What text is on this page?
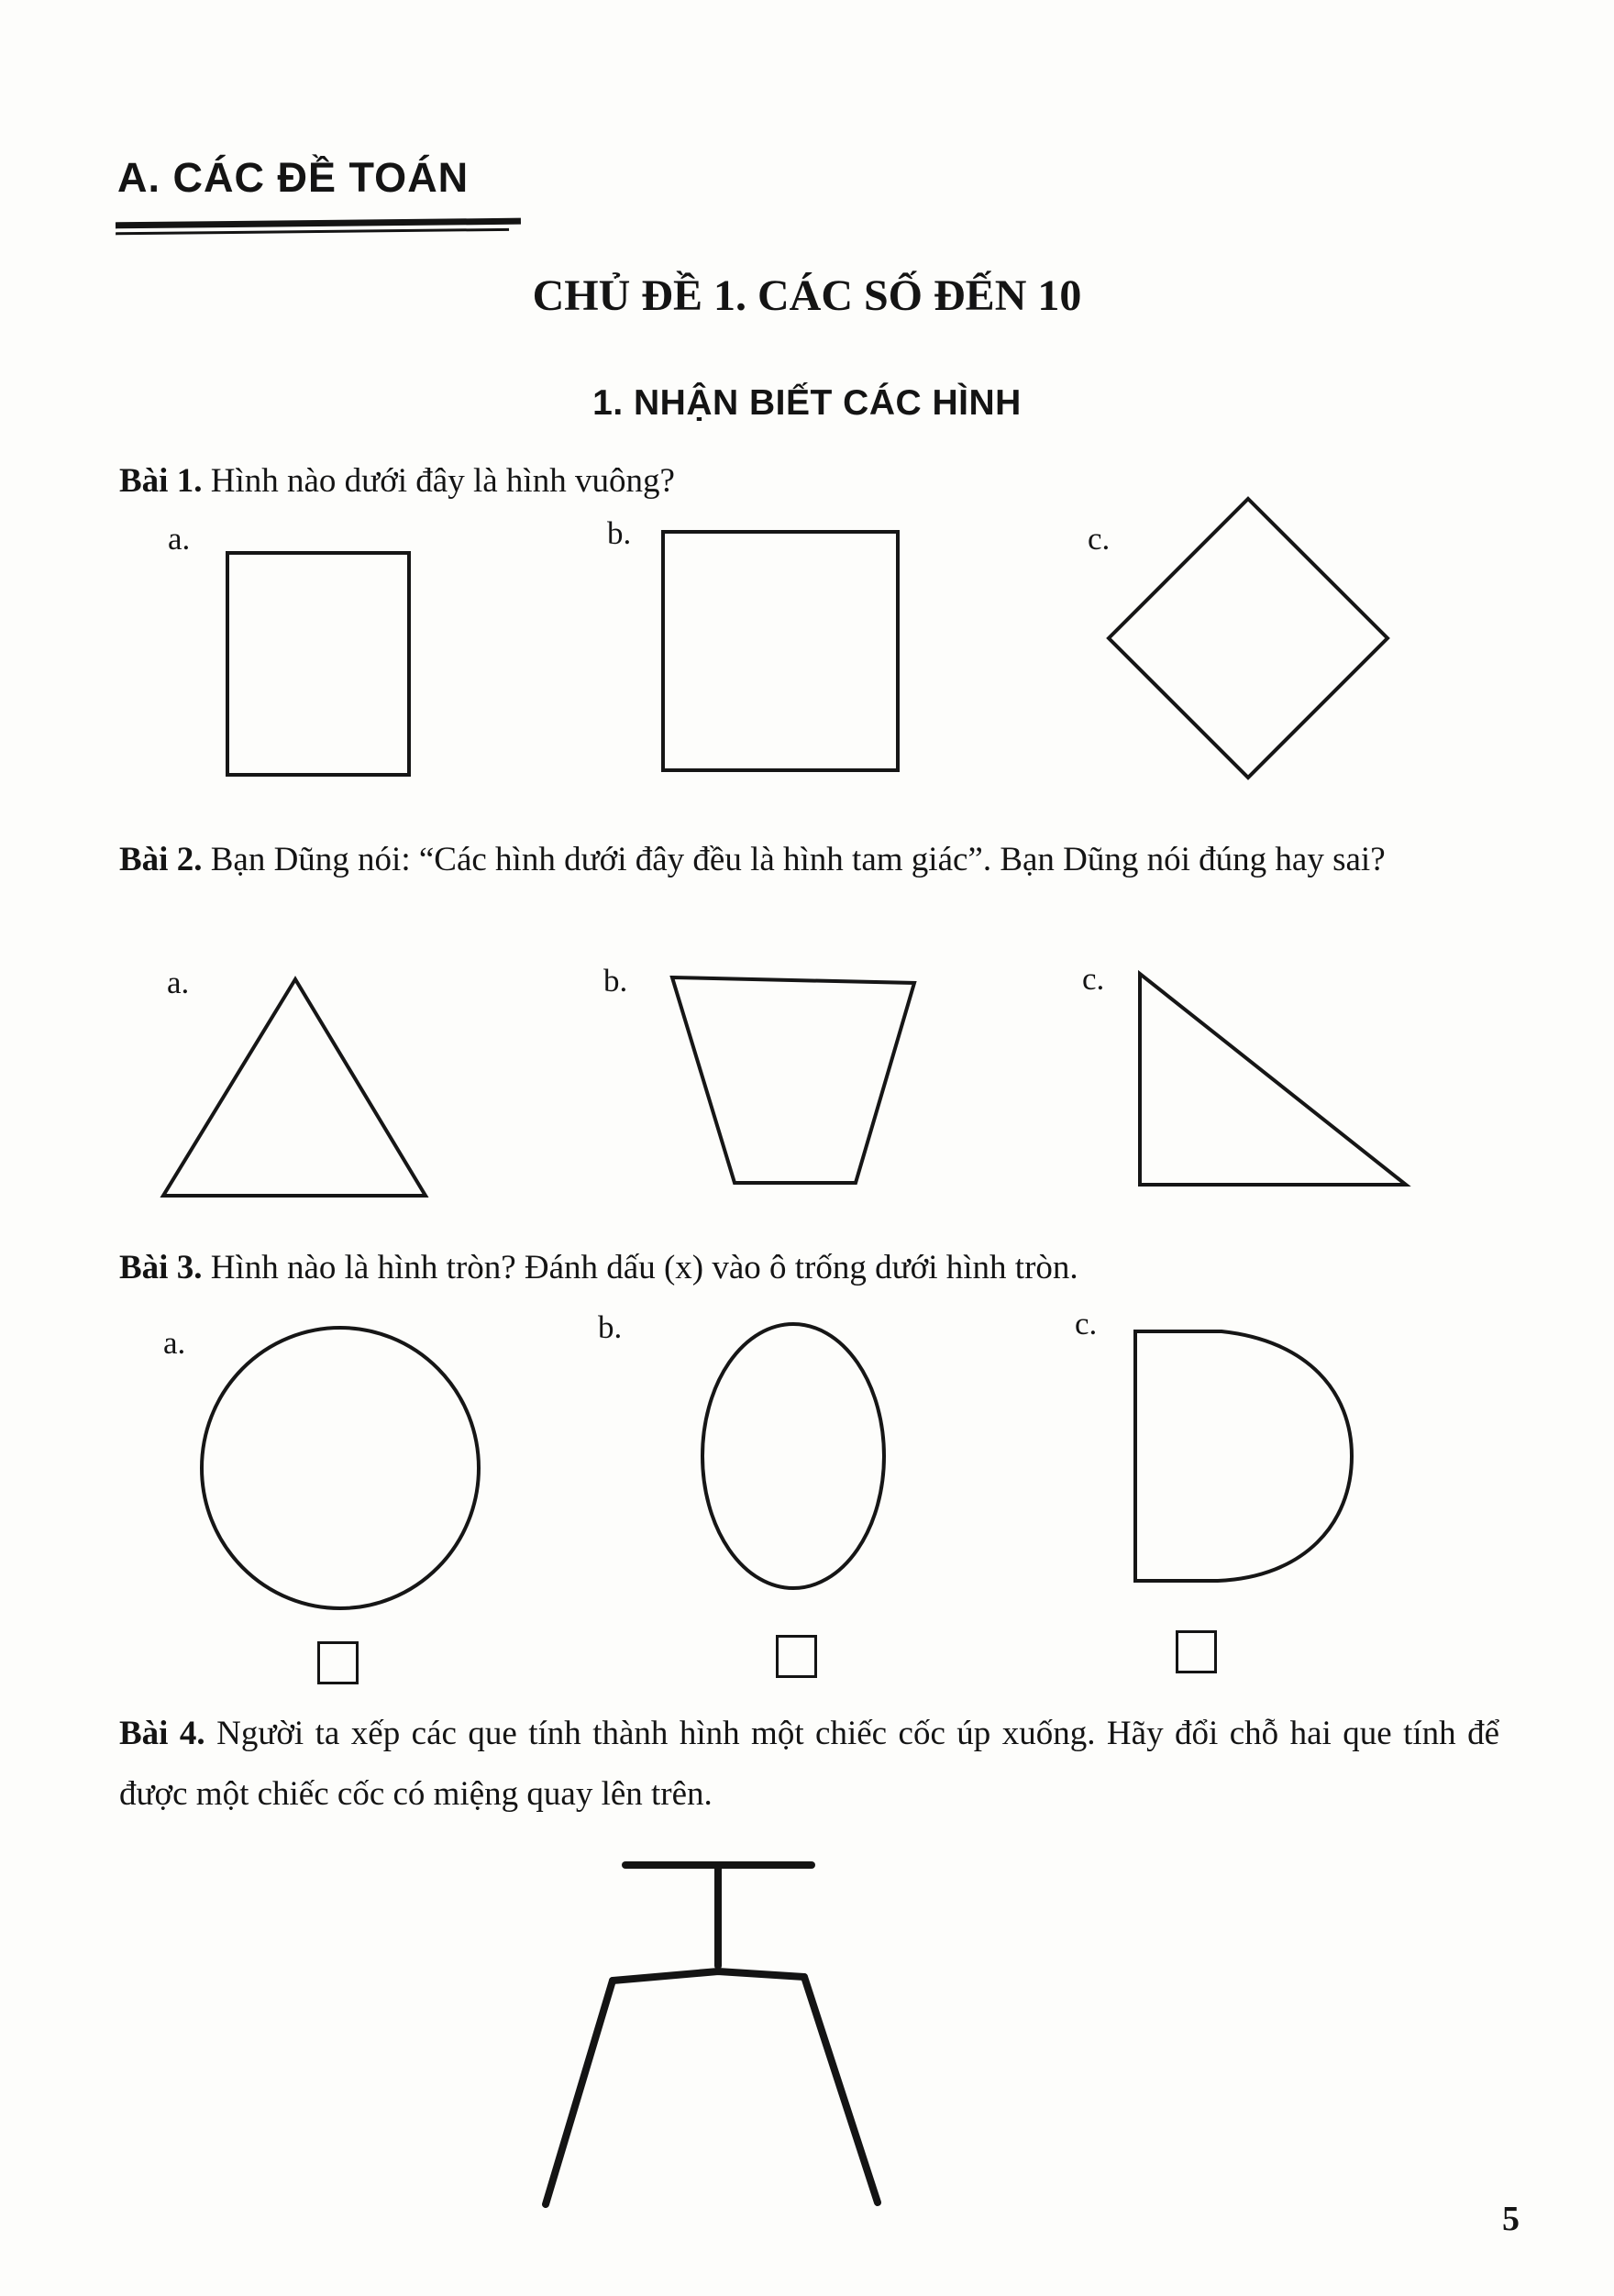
A. CÁC ĐỀ TOÁN
CHỦ ĐỀ 1. CÁC SỐ ĐẾN 10
1. NHẬN BIẾT CÁC HÌNH

Bài 1. Hình nào dưới đây là hình vuông?

a.	b.	c.

Bài 2. Bạn Dũng nói: “Các hình dưới đây đều là hình tam giác”. Bạn Dũng nói đúng hay sai?

a.	b.	c.

Bài 3. Hình nào là hình tròn? Đánh dấu (x) vào ô trống dưới hình tròn.

a.	b.	c.

Bài 4. Người ta xếp các que tính thành hình một chiếc cốc úp xuống. Hãy đổi chỗ hai que tính để được một chiếc cốc có miệng quay lên trên.

5
